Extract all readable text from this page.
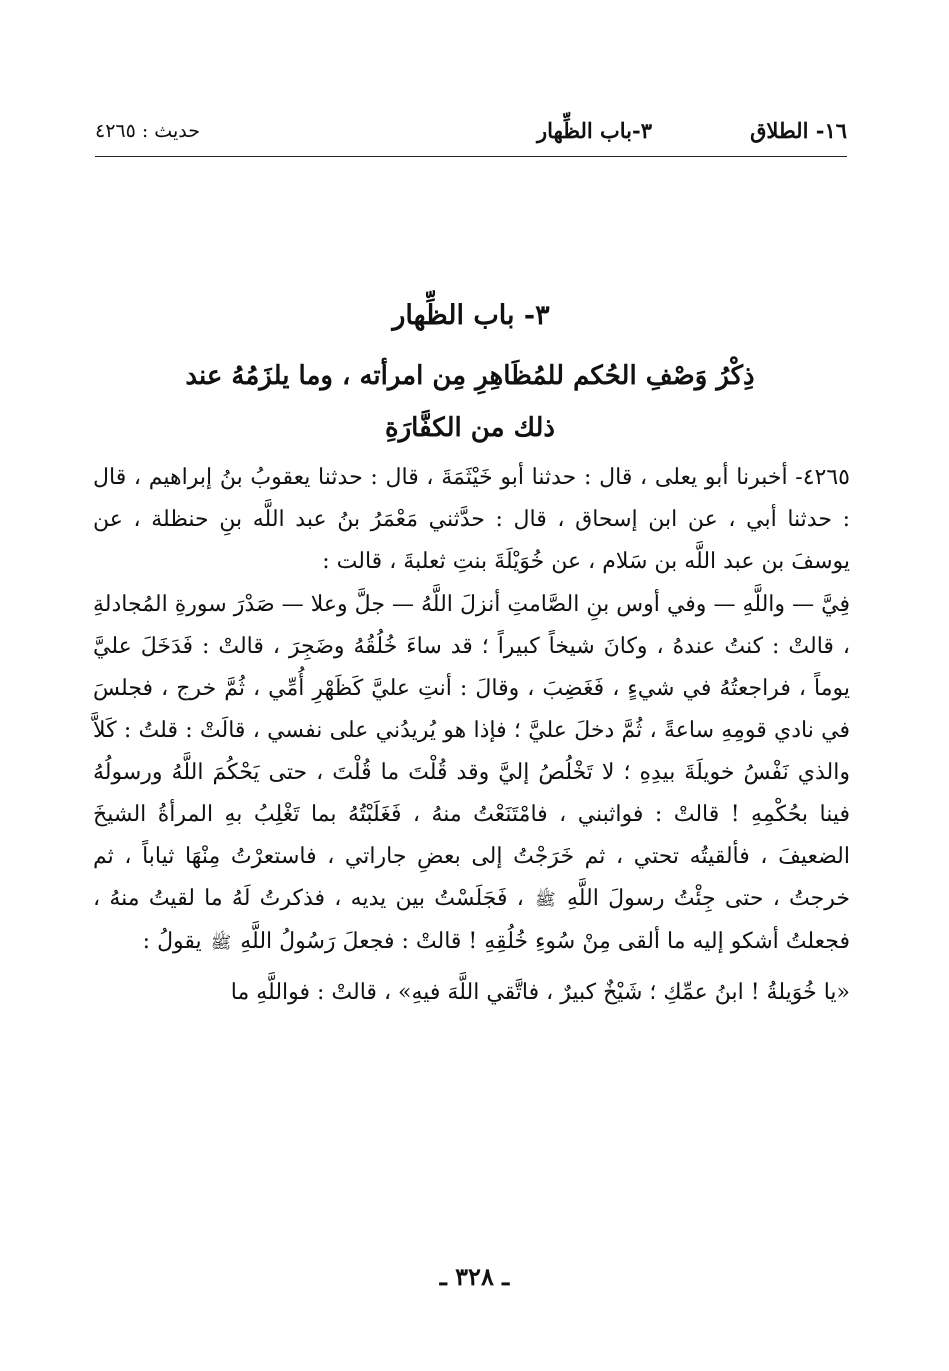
١٦- الطلاق
٣-باب الظِّهار
حديث : ٤٢٦٥
٣- باب الظِّهار
ذِكْرُ وَصْفِ الحُكم للمُظَاهِرِ مِن امرأته ، وما يلزَمُهُ عند
ذلك من الكفَّارَةِ

٤٢٦٥- أخبرنا أبو يعلى ، قال : حدثنا أبو خَيْثَمَةَ ، قال : حدثنا يعقوبُ بنُ إبراهيم ، قال : حدثنا أبي ، عن ابن إسحاق ، قال : حدَّثني مَعْمَرُ بنُ عبد اللَّه بنِ حنظلة ، عن يوسفَ بن عبد اللَّه بن سَلام ، عن خُوَيْلَةَ بنتِ ثعلبةَ ، قالت :

فِيَّ — واللَّهِ — وفي أوس بنِ الصَّامتِ أنزلَ اللَّهُ — جلَّ وعلا — صَدْرَ سورةِ المُجادلةِ ، قالتْ : كنتُ عندهُ ، وكانَ شيخاً كبيراً ؛ قد ساءَ خُلُقُهُ وضَجِرَ ، قالتْ : فَدَخَلَ عليَّ يوماً ، فراجعتُهُ في شيءٍ ، فَغَضِبَ ، وقالَ : أنتِ عليَّ كَظَهْرِ أُمِّي ، ثُمَّ خرج ، فجلسَ في نادي قومِهِ ساعةً ، ثُمَّ دخلَ عليَّ ؛ فإذا هو يُريدُني على نفسي ، قالَتْ : قلتُ : كَلاَّ والذي نَفْسُ خويلَةَ بيدِهِ ؛ لا تَخْلُصُ إليَّ وقد قُلْتَ ما قُلْتَ ، حتى يَحْكُمَ اللَّهُ ورسولُهُ فينا بحُكْمِهِ ! قالتْ : فواثبني ، فامْتَنَعْتُ منهُ ، فَغَلَبْتُهُ بما تَغْلِبُ بهِ المرأةُ الشيخَ الضعيفَ ، فألقيتُه تحتي ، ثم خَرَجْتُ إلى بعضِ جاراتي ، فاستعرْتُ مِنْهَا ثياباً ، ثم خرجتُ ، حتى جِئْتُ رسولَ اللَّهِ ﷺ ، فَجَلَسْتُ بين يديه ، فذكرتُ لَهُ ما لقيتُ منهُ ، فجعلتُ أشكو إليه ما ألقى مِنْ سُوءِ خُلُقِهِ ! قالتْ : فجعلَ رَسُولُ اللَّهِ ﷺ يقولُ :

«يا خُوَيلةُ ! ابنُ عمِّكِ ؛ شَيْخٌ كبيرٌ ، فاتَّقي اللَّهَ فيهِ» ، قالتْ : فواللَّهِ ما

ـ ٣٢٨ ـ
